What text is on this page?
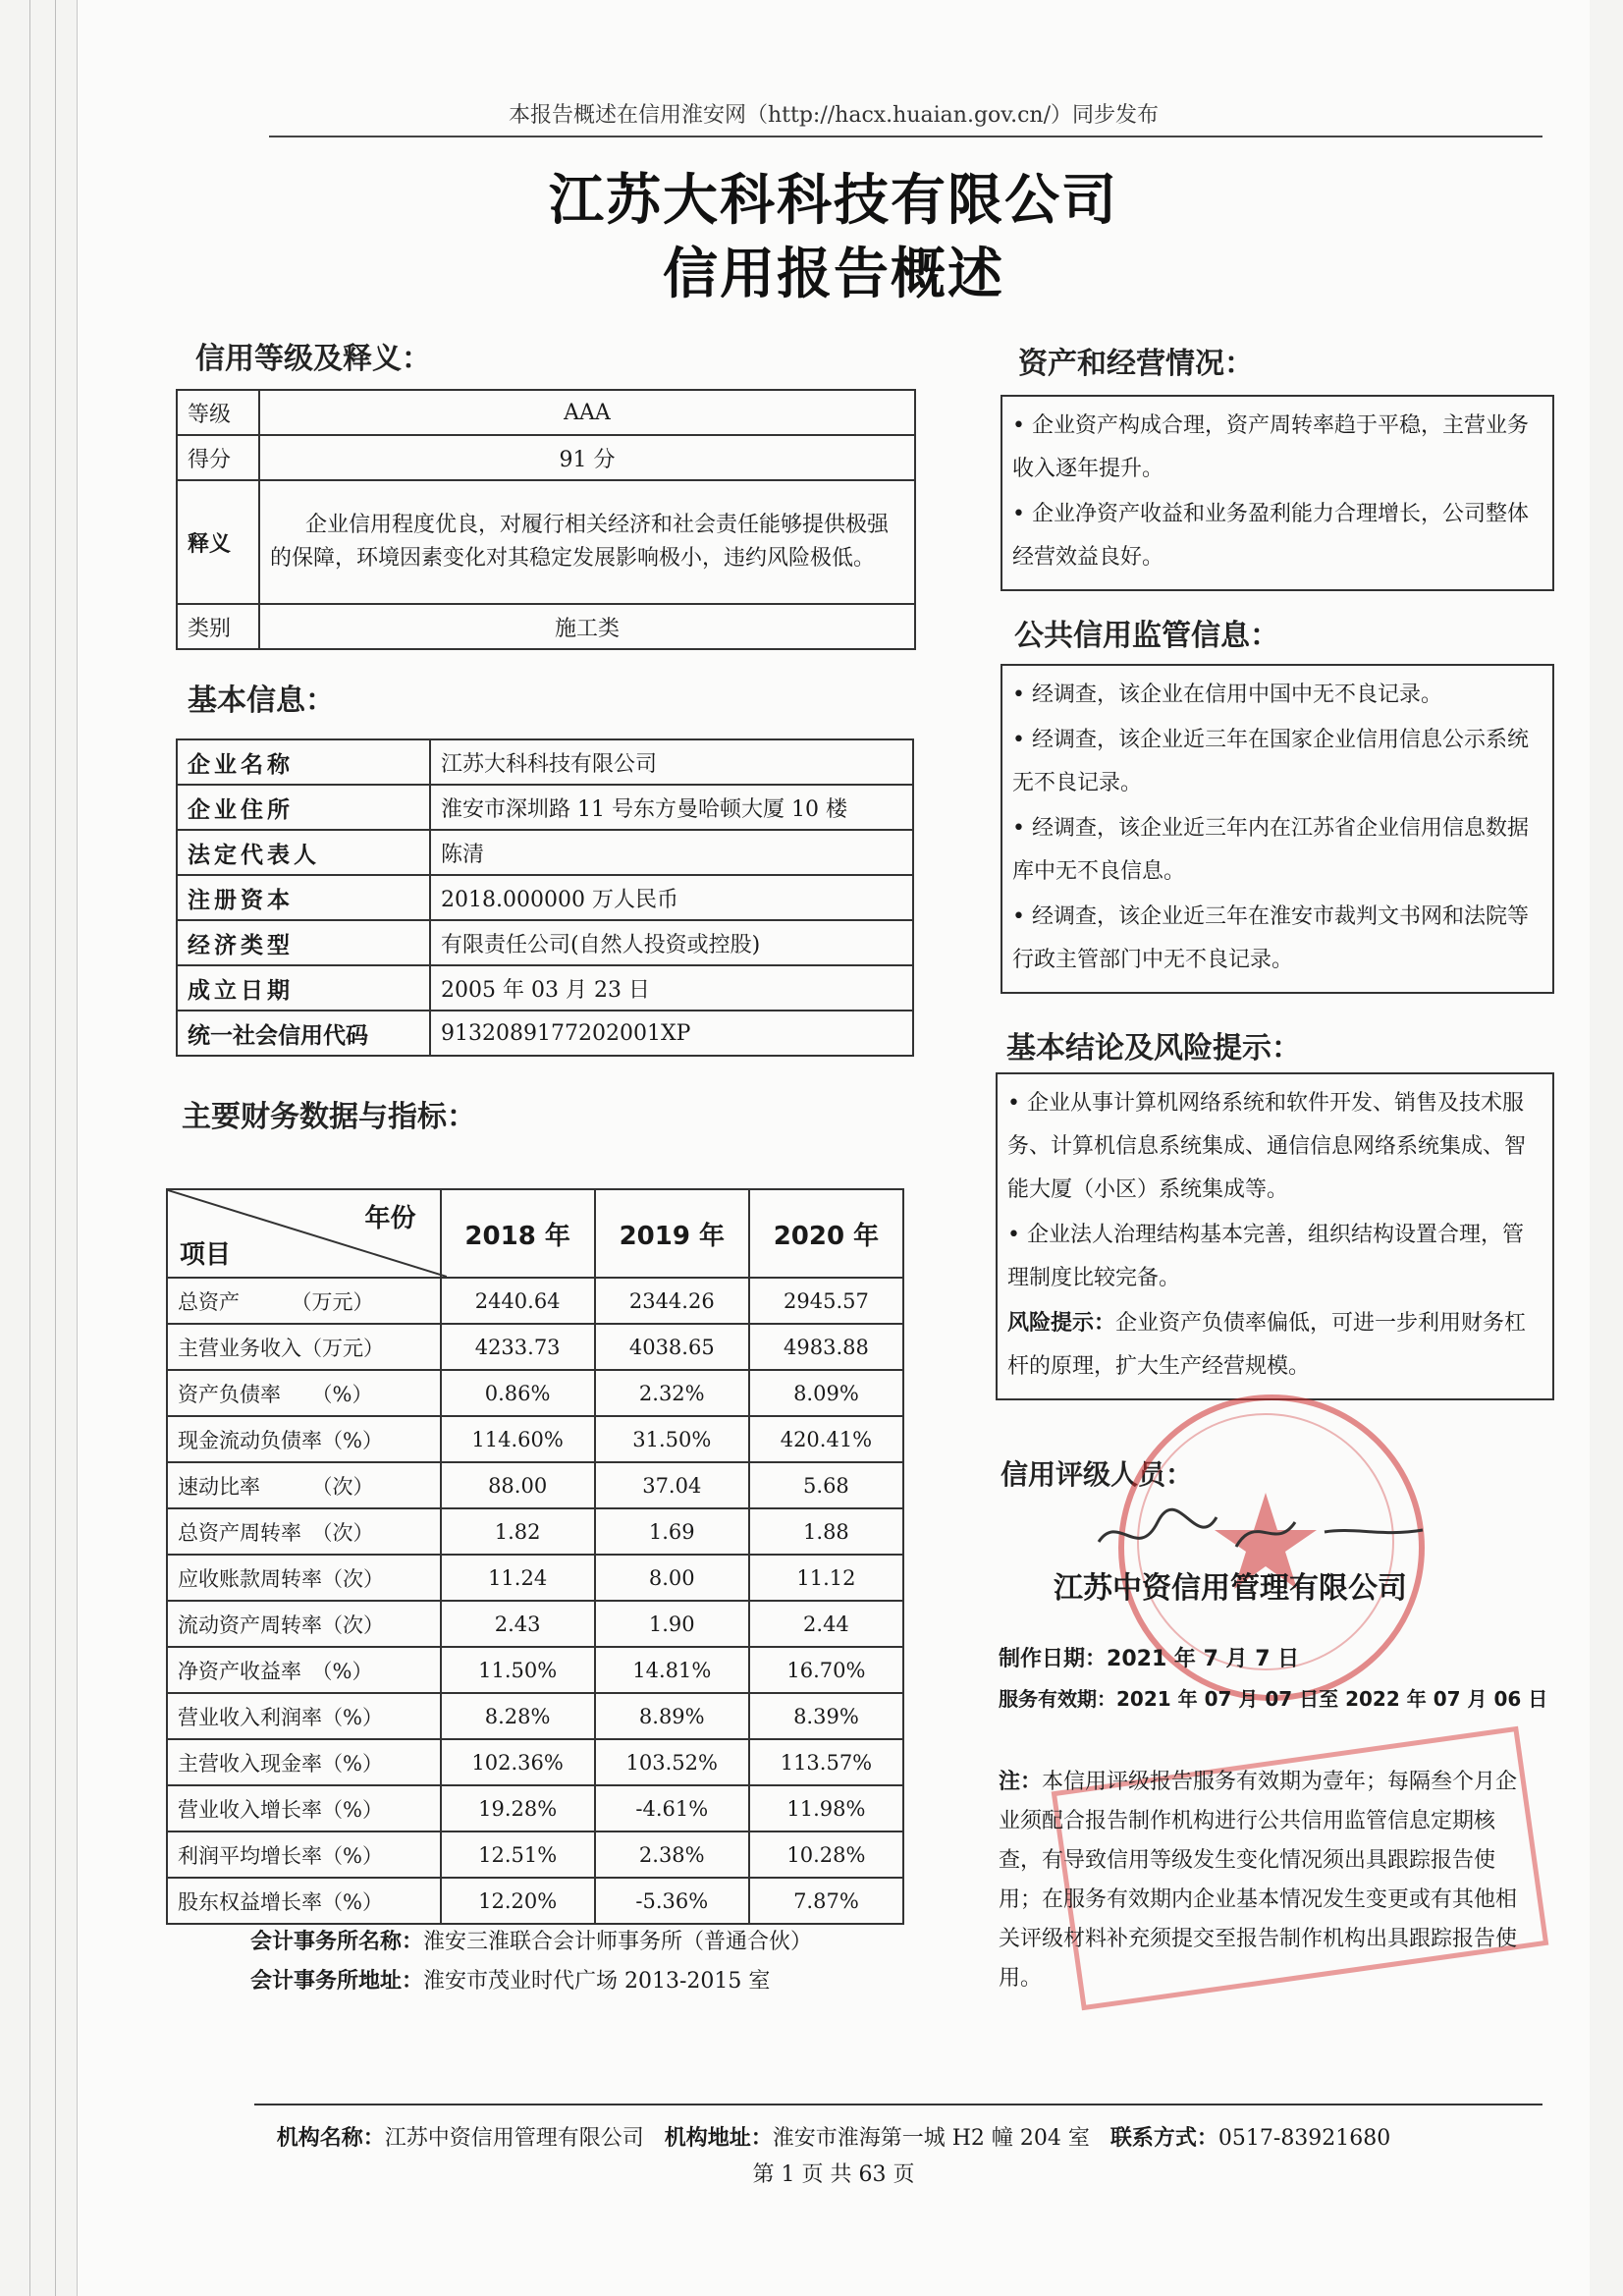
本报告概述在信用淮安网（http://hacx.huaian.gov.cn/）同步发布
江苏大科科技有限公司
信用报告概述
信用等级及释义：
等级	AAA
得分	91 分
释义	企业信用程度优良，对履行相关经济和社会责任能够提供极强的保障，环境因素变化对其稳定发展影响极小，违约风险极低。
类别	施工类
基本信息：
企业名称	江苏大科科技有限公司
企业住所	淮安市深圳路 11 号东方曼哈顿大厦 10 楼
法定代表人	陈清
注册资本	2018.000000 万人民币
经济类型	有限责任公司(自然人投资或控股)
成立日期	2005 年 03 月 23 日
统一社会信用代码	9132089177202001XP
主要财务数据与指标：
年份
项目	2018 年	2019 年	2020 年
总资产　　　（万元）	2440.64	2344.26	2945.57
主营业务收入（万元）	4233.73	4038.65	4983.88
资产负债率　　（%）	0.86%	2.32%	8.09%
现金流动负债率（%）	114.60%	31.50%	420.41%
速动比率　　　（次）	88.00	37.04	5.68
总资产周转率　（次）	1.82	1.69	1.88
应收账款周转率（次）	11.24	8.00	11.12
流动资产周转率（次）	2.43	1.90	2.44
净资产收益率　（%）	11.50%	14.81%	16.70%
营业收入利润率（%）	8.28%	8.89%	8.39%
主营收入现金率（%）	102.36%	103.52%	113.57%
营业收入增长率（%）	19.28%	-4.61%	11.98%
利润平均增长率（%）	12.51%	2.38%	10.28%
股东权益增长率（%）	12.20%	-5.36%	7.87%
会计事务所名称：淮安三淮联合会计师事务所（普通合伙）
会计事务所地址：淮安市茂业时代广场 2013-2015 室
资产和经营情况：

• 企业资产构成合理，资产周转率趋于平稳，主营业务收入逐年提升。

• 企业净资产收益和业务盈利能力合理增长，公司整体经营效益良好。

公共信用监管信息：

• 经调查，该企业在信用中国中无不良记录。

• 经调查，该企业近三年在国家企业信用信息公示系统无不良记录。

• 经调查，该企业近三年内在江苏省企业信用信息数据库中无不良信息。

• 经调查，该企业近三年在淮安市裁判文书网和法院等行政主管部门中无不良记录。

基本结论及风险提示：

• 企业从事计算机网络系统和软件开发、销售及技术服务、计算机信息系统集成、通信信息网络系统集成、智能大厦（小区）系统集成等。

• 企业法人治理结构基本完善，组织结构设置合理，管理制度比较完备。

风险提示：企业资产负债率偏低，可进一步利用财务杠杆的原理，扩大生产经营规模。

信用评级人员：
江苏中资信用管理有限公司
制作日期：2021 年 7 月 7 日
服务有效期：2021 年 07 月 07 日至 2022 年 07 月 06 日
注：本信用评级报告服务有效期为壹年；每隔叁个月企业须配合报告制作机构进行公共信用监管信息定期核查，有导致信用等级发生变化情况须出具跟踪报告使用；在服务有效期内企业基本情况发生变更或有其他相关评级材料补充须提交至报告制作机构出具跟踪报告使用。
机构名称：江苏中资信用管理有限公司 机构地址：淮安市淮海第一城 H2 幢 204 室 联系方式：0517-83921680
第 1 页 共 63 页
